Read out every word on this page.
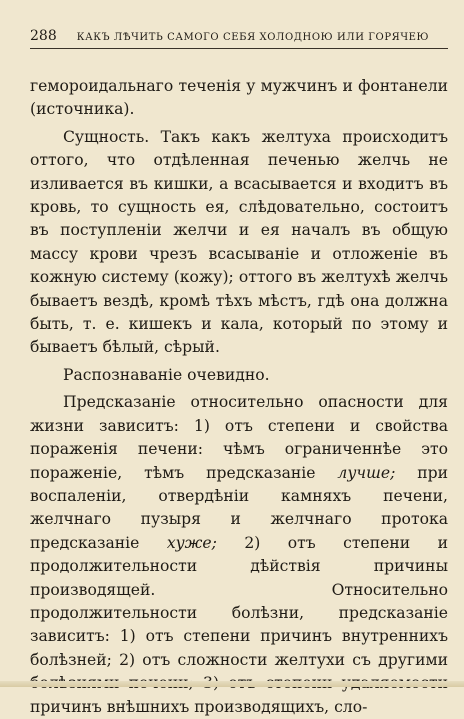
288 КАКЪ ЛѢЧИТЬ САМОГО СЕБЯ ХОЛОДНОЮ ИЛИ ГОРЯЧЕЮ

геморoидальнаго теченія у мужчинъ и фонтанели (источника).

Сущность. Такъ какъ желтуха происходитъ оттого, что отдѣленная печенью желчь не изливается въ кишки, а всасывается и входитъ въ кровь, то сущность ея, слѣдовательно, состоитъ въ поступленіи желчи и ея началъ въ общую массу крови чрезъ всасываніе и отложеніе въ кожную систему (кожу); оттого въ желтухѣ желчь бываетъ вездѣ, кромѣ тѣхъ мѣстъ, гдѣ она должна быть, т. е. кишекъ и кала, который по этому и бываетъ бѣлый, сѣрый.

Распознаваніе очевидно.

Предсказаніе относительно опасности для жизни зависитъ: 1) отъ степени и свойства пораженія печени: чѣмъ ограниченнѣе это пораженіе, тѣмъ предсказаніе лучше; при воспаленіи, отвердѣніи камняхъ печени, желчнаго пузыря и желчнаго протока предсказаніе хуже; 2) отъ степени и продолжительности дѣйствія причины производящей. Относительно продолжительности болѣзни, предсказаніе зависитъ: 1) отъ степени причинъ внутреннихъ болѣзней; 2) отъ сложности желтухи съ другими причинъ внѣшнихъ производящихъ, сло-
